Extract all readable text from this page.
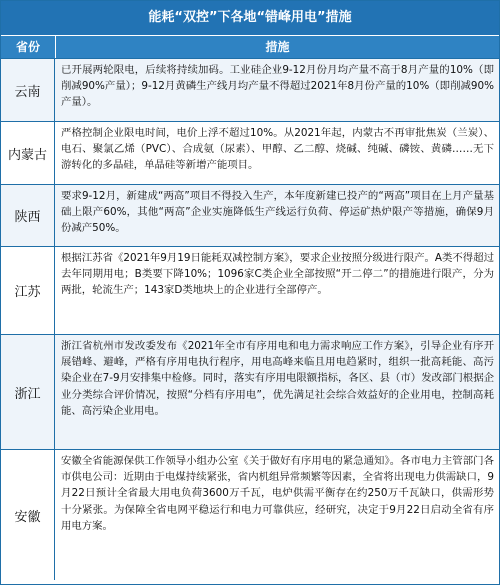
能耗“双控”下各地“错峰用电”措施
省份	措施
云南
已开展两轮限电，后续将持续加码。工业硅企业9-12月份月均产量不高于8月产量的10%（即削减90%产量）；9-12月黄磷生产线月均产量不得超过2021年8月份产量的10%（即削减90%产量）。
内蒙古
严格控制企业限电时间，电价上浮不超过10%。从2021年起，内蒙古不再审批焦炭（兰炭）、电石、聚氯乙烯（PVC）、合成氨（尿素）、甲醇、乙二醇、烧碱、纯碱、磷铵、黄磷……无下游转化的多晶硅，单晶硅等新增产能项目。
陕西
要求9-12月，新建成“两高”项目不得投入生产，本年度新建已投产的“两高”项目在上月产量基础上限产60%，其他“两高”企业实施降低生产线运行负荷、停运矿热炉限产等措施，确保9月份减产50%。
江苏
根据江苏省《2021年9月19日能耗双减控制方案》，要求企业按照分级进行限产。A类不得超过去年同期用电；B类要下降10%；1096家C类企业全部按照“开二停二”的措施进行限产，分为两批，轮流生产；143家D类地块上的企业进行全部停产。
浙江
浙江省杭州市发改委发布《2021年全市有序用电和电力需求响应工作方案》，引导企业有序开展错峰、避峰，严格有序用电执行程序，用电高峰来临且用电趋紧时，组织一批高耗能、高污染企业在7-9月安排集中检修。同时，落实有序用电限额指标，各区、县（市）发改部门根据企业分类综合评价情况，按照“分档有序用电”，优先满足社会综合效益好的企业用电，控制高耗能、高污染企业用电。
安徽
安徽全省能源保供工作领导小组办公室《关于做好有序用电的紧急通知》。各市电力主管部门各市供电公司：近期由于电煤持续紧张，省内机组异常频繁等因素，全省将出现电力供需缺口，9月22日预计全省最大用电负荷3600万千瓦，电炉供需平衡存在约250万千瓦缺口，供需形势十分紧张。为保障全省电网平稳运行和电力可靠供应，经研究，决定于9月22日启动全省有序用电方案。
